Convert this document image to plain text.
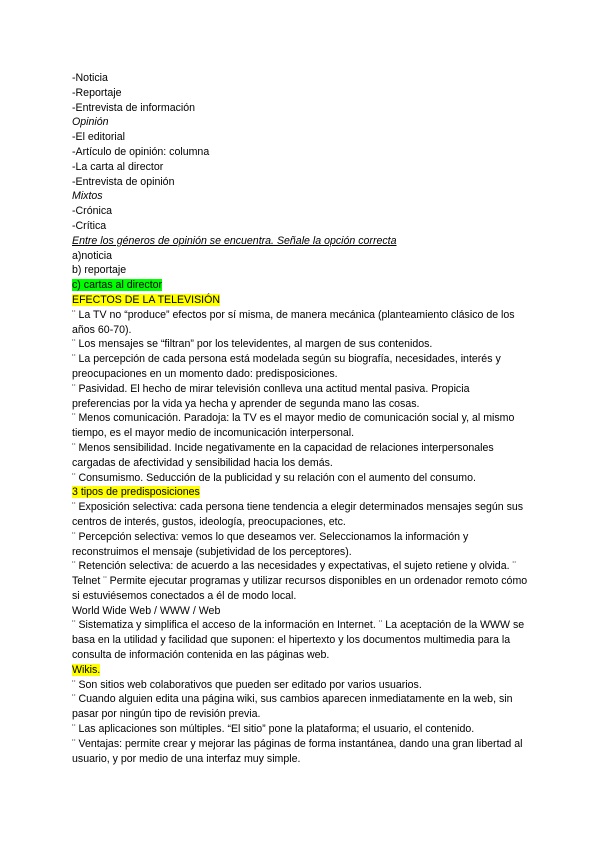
-Noticia
-Reportaje
-Entrevista de información
Opinión
-El editorial
-Artículo de opinión: columna
-La carta al director
-Entrevista de opinión
Mixtos
-Crónica
-Crítica
Entre los géneros de opinión se encuentra. Señale la opción correcta
a)noticia
b) reportaje
c) cartas al director
EFECTOS DE LA TELEVISIÓN
¨ La TV no “produce” efectos por sí misma, de manera mecánica (planteamiento clásico de los años 60-70).
¨ Los mensajes se “filtran” por los televidentes, al margen de sus contenidos.
¨ La percepción de cada persona está modelada según su biografía, necesidades, interés y preocupaciones en un momento dado: predisposiciones.
¨ Pasividad. El hecho de mirar televisión conlleva una actitud mental pasiva. Propicia preferencias por la vida ya hecha y aprender de segunda mano las cosas.
¨ Menos comunicación. Paradoja: la TV es el mayor medio de comunicación social y, al mismo tiempo, es el mayor medio de incomunicación interpersonal.
¨ Menos sensibilidad. Incide negativamente en la capacidad de relaciones interpersonales cargadas de afectividad y sensibilidad hacia los demás.
¨ Consumismo. Seducción de la publicidad y su relación con el aumento del consumo.
3 tipos de predisposiciones
¨ Exposición selectiva: cada persona tiene tendencia a elegir determinados mensajes según sus centros de interés, gustos, ideología, preocupaciones, etc.
¨ Percepción selectiva: vemos lo que deseamos ver. Seleccionamos la información y reconstruimos el mensaje (subjetividad de los perceptores).
¨ Retención selectiva: de acuerdo a las necesidades y expectativas, el sujeto retiene y olvida. ¨
Telnet ¨ Permite ejecutar programas y utilizar recursos disponibles en un ordenador remoto cómo si estuviésemos conectados a él de modo local.
World Wide Web / WWW / Web
¨ Sistematiza y simplifica el acceso de la información en Internet. ¨ La aceptación de la WWW se basa en la utilidad y facilidad que suponen: el hipertexto y los documentos multimedia para la consulta de información contenida en las páginas web.
Wikis.
¨ Son sitios web colaborativos que pueden ser editado por varios usuarios.
¨ Cuando alguien edita una página wiki, sus cambios aparecen inmediatamente en la web, sin pasar por ningún tipo de revisión previa.
¨ Las aplicaciones son múltiples. “El sitio” pone la plataforma; el usuario, el contenido.
¨ Ventajas: permite crear y mejorar las páginas de forma instantánea, dando una gran libertad al usuario, y por medio de una interfaz muy simple.
